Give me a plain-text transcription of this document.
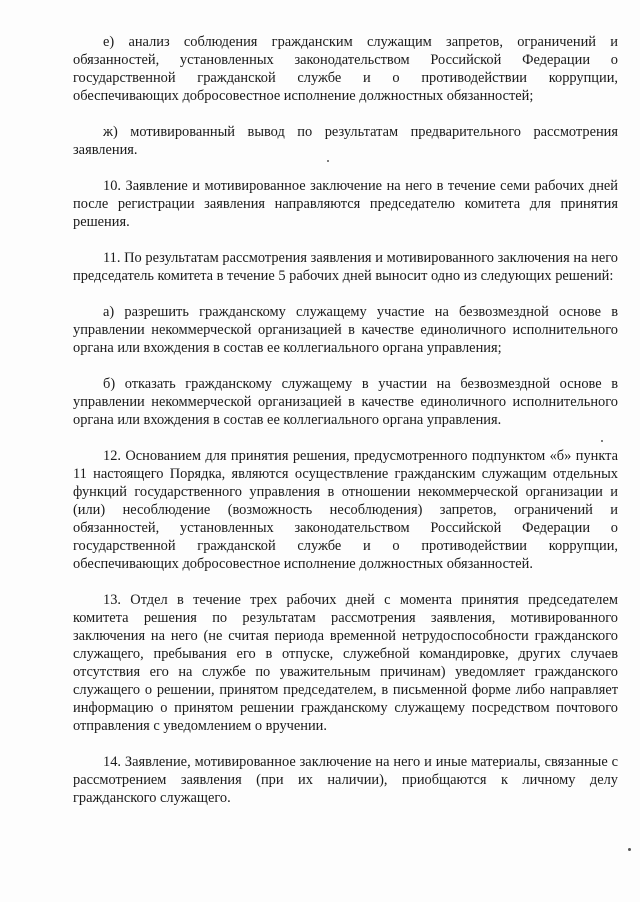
е) анализ соблюдения гражданским служащим запретов, ограничений и обязанностей, установленных законодательством Российской Федерации о государственной гражданской службе и о противодействии коррупции, обеспечивающих добросовестное исполнение должностных обязанностей;

ж) мотивированный вывод по результатам предварительного рассмотрения заявления.

10. Заявление и мотивированное заключение на него в течение семи рабочих дней после регистрации заявления направляются председателю комитета для принятия решения.

11. По результатам рассмотрения заявления и мотивированного заключения на него председатель комитета в течение 5 рабочих дней выносит одно из следующих решений:

а) разрешить гражданскому служащему участие на безвозмездной основе в управлении некоммерческой организацией в качестве единоличного исполнительного органа или вхождения в состав ее коллегиального органа управления;

б) отказать гражданскому служащему в участии на безвозмездной основе в управлении некоммерческой организацией в качестве единоличного исполнительного органа или вхождения в состав ее коллегиального органа управления.

12. Основанием для принятия решения, предусмотренного подпунктом «б» пункта 11 настоящего Порядка, являются осуществление гражданским служащим отдельных функций государственного управления в отношении некоммерческой организации и (или) несоблюдение (возможность несоблюдения) запретов, ограничений и обязанностей, установленных законодательством Российской Федерации о государственной гражданской службе и о противодействии коррупции, обеспечивающих добросовестное исполнение должностных обязанностей.

13. Отдел в течение трех рабочих дней с момента принятия председателем комитета решения по результатам рассмотрения заявления, мотивированного заключения на него (не считая периода временной нетрудоспособности гражданского служащего, пребывания его в отпуске, служебной командировке, других случаев отсутствия его на службе по уважительным причинам) уведомляет гражданского служащего о решении, принятом председателем, в письменной форме либо направляет информацию о принятом решении гражданскому служащему посредством почтового отправления с уведомлением о вручении.

14. Заявление, мотивированное заключение на него и иные материалы, связанные с рассмотрением заявления (при их наличии), приобщаются к личному делу гражданского служащего.
